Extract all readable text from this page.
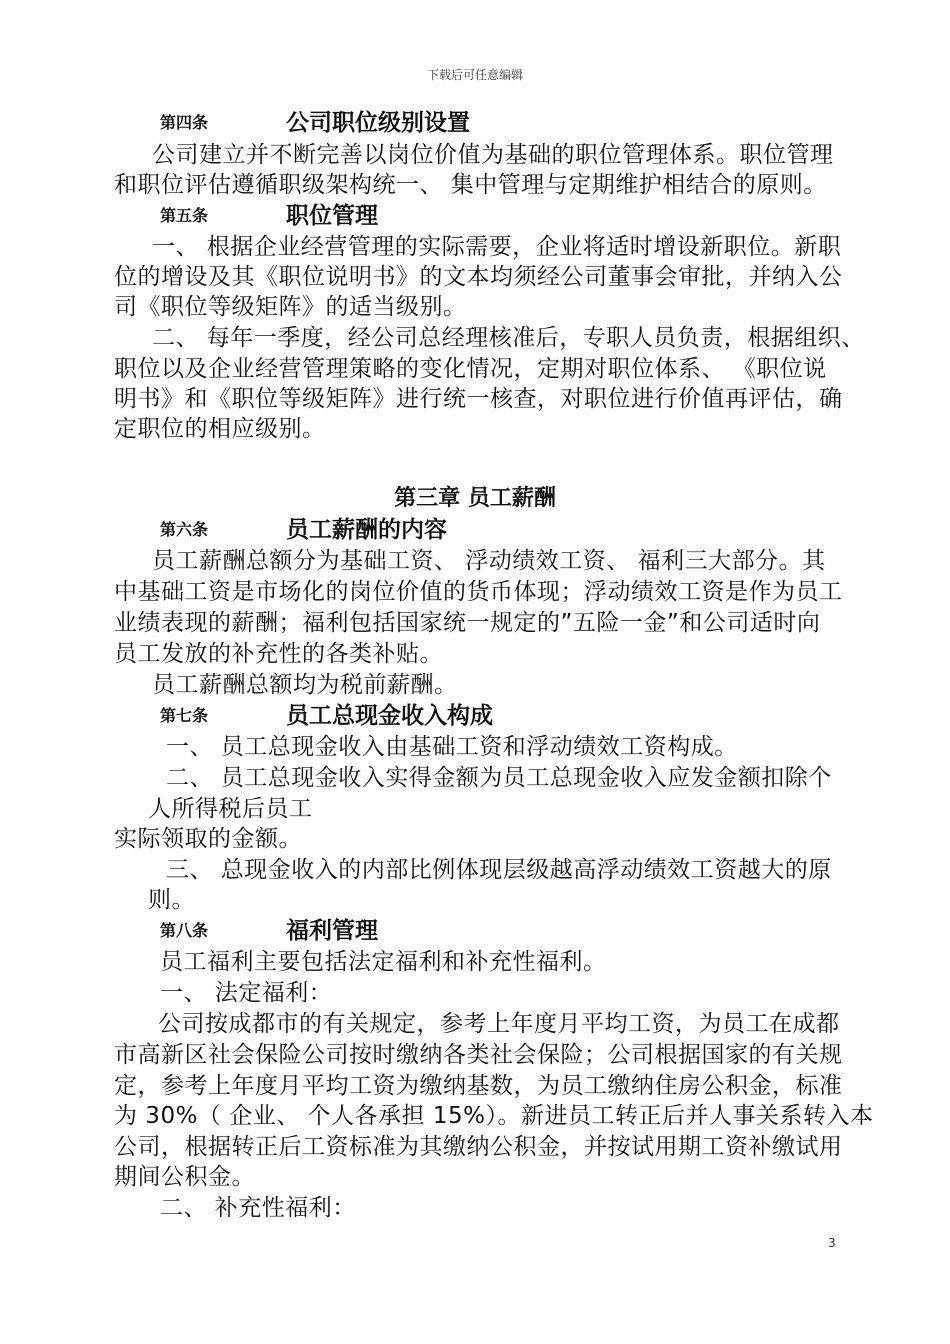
下载后可任意编辑
第四条	公司职位级别设置
公司建立并不断完善以岗位价值为基础的职位管理体系。职位管理
和职位评估遵循职级架构统一、 集中管理与定期维护相结合的原则。
第五条	职位管理
一、 根据企业经营管理的实际需要，企业将适时增设新职位。新职
位的增设及其《职位说明书》的文本均须经公司董事会审批，并纳入公
司《职位等级矩阵》的适当级别。
二、 每年一季度，经公司总经理核准后，专职人员负责，根据组织、
职位以及企业经营管理策略的变化情况，定期对职位体系、 《职位说
明书》和《职位等级矩阵》进行统一核查，对职位进行价值再评估，确
定职位的相应级别。
第三章 员工薪酬
第六条	员工薪酬的内容
员工薪酬总额分为基础工资、 浮动绩效工资、 福利三大部分。其
中基础工资是市场化的岗位价值的货币体现；浮动绩效工资是作为员工
业绩表现的薪酬；福利包括国家统一规定的”五险一金”和公司适时向
员工发放的补充性的各类补贴。
员工薪酬总额均为税前薪酬。
第七条	员工总现金收入构成
一、 员工总现金收入由基础工资和浮动绩效工资构成。
二、 员工总现金收入实得金额为员工总现金收入应发金额扣除个
人所得税后员工
实际领取的金额。
三、 总现金收入的内部比例体现层级越高浮动绩效工资越大的原
则。
第八条	福利管理
员工福利主要包括法定福利和补充性福利。
一、 法定福利：
公司按成都市的有关规定，参考上年度月平均工资，为员工在成都
市高新区社会保险公司按时缴纳各类社会保险；公司根据国家的有关规
定，参考上年度月平均工资为缴纳基数，为员工缴纳住房公积金，标准
为 30%（ 企业、 个人各承担 15%）。新进员工转正后并人事关系转入本
公司，根据转正后工资标准为其缴纳公积金，并按试用期工资补缴试用
期间公积金。
二、 补充性福利：
3
